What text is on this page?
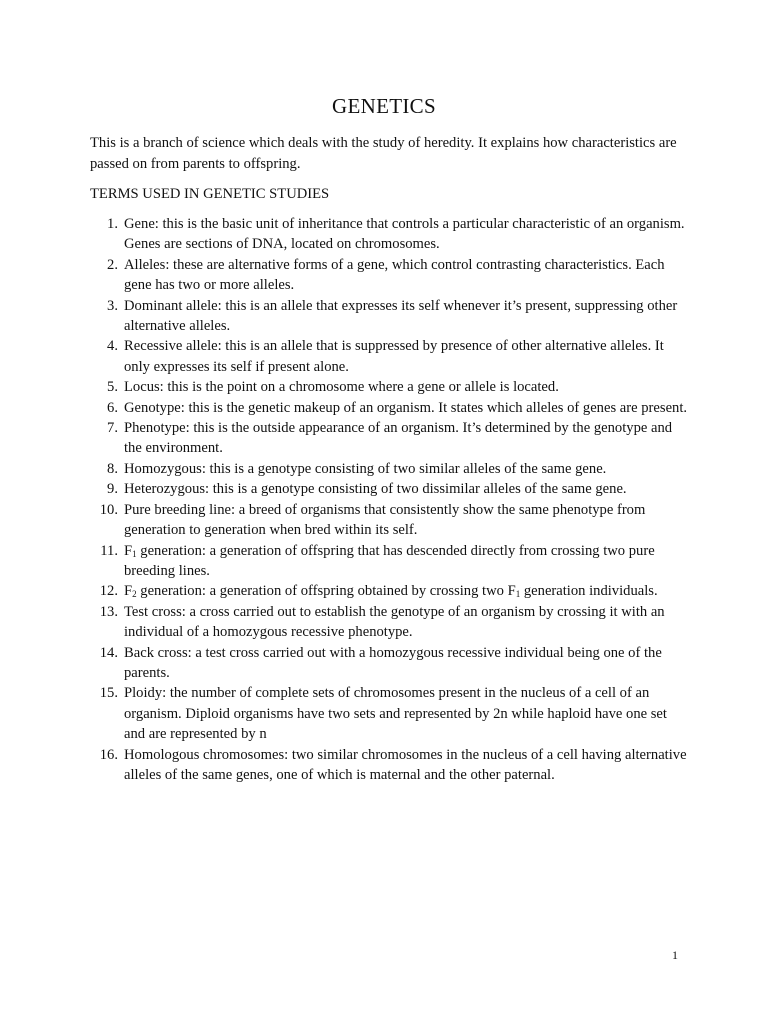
GENETICS

This is a branch of science which deals with the study of heredity. It explains how characteristics are passed on from parents to offspring.

TERMS USED IN GENETIC STUDIES
1. Gene: this is the basic unit of inheritance that controls a particular characteristic of an organism. Genes are sections of DNA, located on chromosomes.
2. Alleles: these are alternative forms of a gene, which control contrasting characteristics. Each gene has two or more alleles.
3. Dominant allele: this is an allele that expresses its self whenever it’s present, suppressing other alternative alleles.
4. Recessive allele: this is an allele that is suppressed by presence of other alternative alleles. It only expresses its self if present alone.
5. Locus: this is the point on a chromosome where a gene or allele is located.
6. Genotype: this is the genetic makeup of an organism. It states which alleles of genes are present.
7. Phenotype: this is the outside appearance of an organism. It’s determined by the genotype and the environment.
8. Homozygous: this is a genotype consisting of two similar alleles of the same gene.
9. Heterozygous: this is a genotype consisting of two dissimilar alleles of the same gene.
10. Pure breeding line: a breed of organisms that consistently show the same phenotype from generation to generation when bred within its self.
11. $F_1$ generation: a generation of offspring that has descended directly from crossing two pure breeding lines.
12. $F_2$ generation: a generation of offspring obtained by crossing two $F_1$ generation individuals.
13. Test cross: a cross carried out to establish the genotype of an organism by crossing it with an individual of a homozygous recessive phenotype.
14. Back cross: a test cross carried out with a homozygous recessive individual being one of the parents.
15. Ploidy: the number of complete sets of chromosomes present in the nucleus of a cell of an organism. Diploid organisms have two sets and represented by 2n while haploid have one set and are represented by n
16. Homologous chromosomes: two similar chromosomes in the nucleus of a cell having alternative alleles of the same genes, one of which is maternal and the other paternal.
1
